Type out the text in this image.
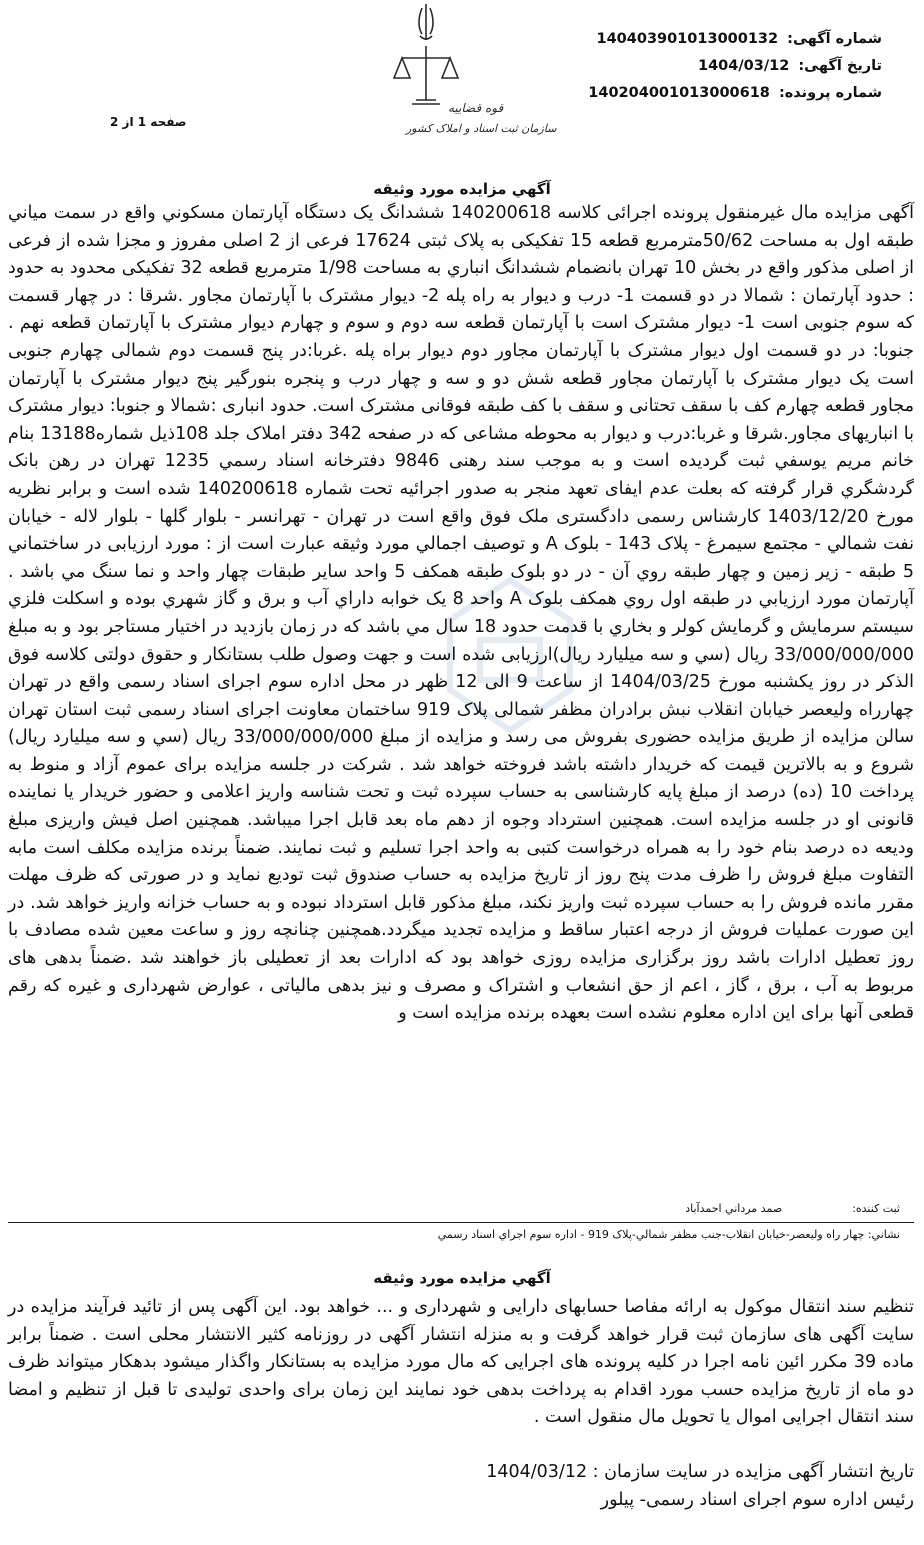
قوه قضاییه
سازمان ثبت اسناد و املاک کشور
شماره آگهی: 140403901013000132
تاریخ آگهی: 1404/03/12
شماره پرونده: 140204001013000618
صفحه 1 از 2
آگهي مزايده مورد وثيقه

آگهی مزايده مال غيرمنقول پرونده اجرائی کلاسه 140200618 ششدانگ يک دستگاه آپارتمان مسکوني واقع در سمت مياني طبقه اول به مساحت 50/62مترمربع قطعه 15 تفکيکی به پلاک ثبتی 17624 فرعی از 2 اصلی مفروز و مجزا شده از فرعی از اصلی مذکور واقع در بخش 10 تهران بانضمام ششدانگ انباري به مساحت 1/98 مترمربع قطعه 32 تفکيکی محدود به حدود : حدود آپارتمان : شمالا در دو قسمت 1- درب و ديوار به راه پله 2- ديوار مشترک با آپارتمان مجاور .شرقا : در چهار قسمت که سوم جنوبی است 1- ديوار مشترک است با آپارتمان قطعه سه دوم و سوم و چهارم ديوار مشترک با آپارتمان قطعه نهم . جنوبا: در دو قسمت اول ديوار مشترک با آپارتمان مجاور دوم ديوار براه پله .غربا:در پنج قسمت دوم شمالی چهارم جنوبی است يک ديوار مشترک با آپارتمان مجاور قطعه شش دو و سه و چهار درب و پنجره بنورگير پنج ديوار مشترک با آپارتمان مجاور قطعه چهارم کف با سقف تحتانی و سقف با کف طبقه فوقانی مشترک است. حدود انباری :شمالا و جنوبا: ديوار مشترک با انباريهای مجاور.شرقا و غربا:درب و ديوار به محوطه مشاعی که در صفحه 342 دفتر املاک جلد 108ذيل شماره13188 بنام خانم مريم يوسفي ثبت گرديده است و به موجب سند رهنی 9846 دفترخانه اسناد رسمي 1235 تهران در رهن بانک گردشگري قرار گرفته که بعلت عدم ايفای تعهد منجر به صدور اجرائيه تحت شماره 140200618 شده است و برابر نظريه مورخ 1403/12/20 کارشناس رسمی دادگستری ملک فوق واقع است در تهران - تهرانسر - بلوار گلها - بلوار لاله - خيابان نفت شمالي - مجتمع سيمرغ - پلاک 143 - بلوک A و توصيف اجمالي مورد وثيقه عبارت است از : مورد ارزيابی در ساختماني 5 طبقه - زير زمين و چهار طبقه روي آن - در دو بلوک طبقه همکف 5 واحد ساير طبقات چهار واحد و نما سنگ مي باشد . آپارتمان مورد ارزيابي در طبقه اول روي همکف بلوک A واحد 8 يک خوابه داراي آب و برق و گاز شهري بوده و اسکلت فلزي سيستم سرمايش و گرمايش کولر و بخاري با قدمت حدود 18 سال مي باشد که در زمان بازديد در اختيار مستاجر بود و به مبلغ 33/000/000/000 ريال (سي و سه ميليارد ريال)ارزيابی شده است و جهت وصول طلب بستانکار و حقوق دولتی کلاسه فوق الذکر در روز يکشنبه مورخ 1404/03/25 از ساعت 9 الی 12 ظهر در محل اداره سوم اجرای اسناد رسمی واقع در تهران چهارراه وليعصر خيابان انقلاب نبش برادران مظفر شمالی پلاک 919 ساختمان معاونت اجرای اسناد رسمی ثبت استان تهران سالن مزايده از طريق مزايده حضوری بفروش می رسد و مزايده از مبلغ 33/000/000/000 ريال (سي و سه ميليارد ريال) شروع و به بالاترين قيمت که خريدار داشته باشد فروخته خواهد شد . شرکت در جلسه مزايده برای عموم آزاد و منوط به پرداخت 10 (ده) درصد از مبلغ پايه کارشناسی به حساب سپرده ثبت و تحت شناسه واريز اعلامی و حضور خريدار يا نماينده قانونی او در جلسه مزايده است. همچنين استرداد وجوه از دهم ماه بعد قابل اجرا ميباشد. همچنين اصل فيش واريزی مبلغ وديعه ده درصد بنام خود را به همراه درخواست کتبی به واحد اجرا تسليم و ثبت نمايند. ضمناً برنده مزايده مکلف است مابه التفاوت مبلغ فروش را ظرف مدت پنج روز از تاريخ مزايده به حساب صندوق ثبت توديع نمايد و در صورتی که ظرف مهلت مقرر مانده فروش را به حساب سپرده ثبت واريز نکند، مبلغ مذکور قابل استرداد نبوده و به حساب خزانه واريز خواهد شد. در اين صورت عمليات فروش از درجه اعتبار ساقط و مزايده تجديد ميگردد.همچنين چنانچه روز و ساعت معين شده مصادف با روز تعطيل ادارات باشد روز برگزاری مزايده روزی خواهد بود که ادارات بعد از تعطيلی باز خواهند شد .ضمناً بدهی های مربوط به آب ، برق ، گاز ، اعم از حق انشعاب و اشتراک و مصرف و نيز بدهی مالياتی ، عوارض شهرداری و غيره که رقم قطعی آنها برای اين اداره معلوم نشده است بعهده برنده مزايده است و

ثبت كننده:
صمد مرداني احمدآباد
نشاني: چهار راه وليعصر-خيابان انقلاب-جنب مظفر شمالي-پلاک 919 - اداره سوم اجراي اسناد رسمي
آگهي مزايده مورد وثيقه

تنظيم سند انتقال موکول به ارائه مفاصا حسابهای دارايی و شهرداری و ... خواهد بود. اين آگهی پس از تائيد فرآيند مزايده در سايت آگهی های سازمان ثبت قرار خواهد گرفت و به منزله انتشار آگهی در روزنامه کثير الانتشار محلی است . ضمناً برابر ماده 39 مکرر ائين نامه اجرا در کليه پرونده های اجرايی که مال مورد مزايده به بستانکار واگذار ميشود بدهکار ميتواند ظرف دو ماه از تاريخ مزايده حسب مورد اقدام به پرداخت بدهی خود نمايند اين زمان برای واحدی توليدی تا قبل از تنظيم و امضا سند انتقال اجرايی اموال يا تحويل مال منقول است .

تاريخ انتشار آگهی مزايده در سايت سازمان : 1404/03/12

رئيس اداره سوم اجرای اسناد رسمی- پيلور
